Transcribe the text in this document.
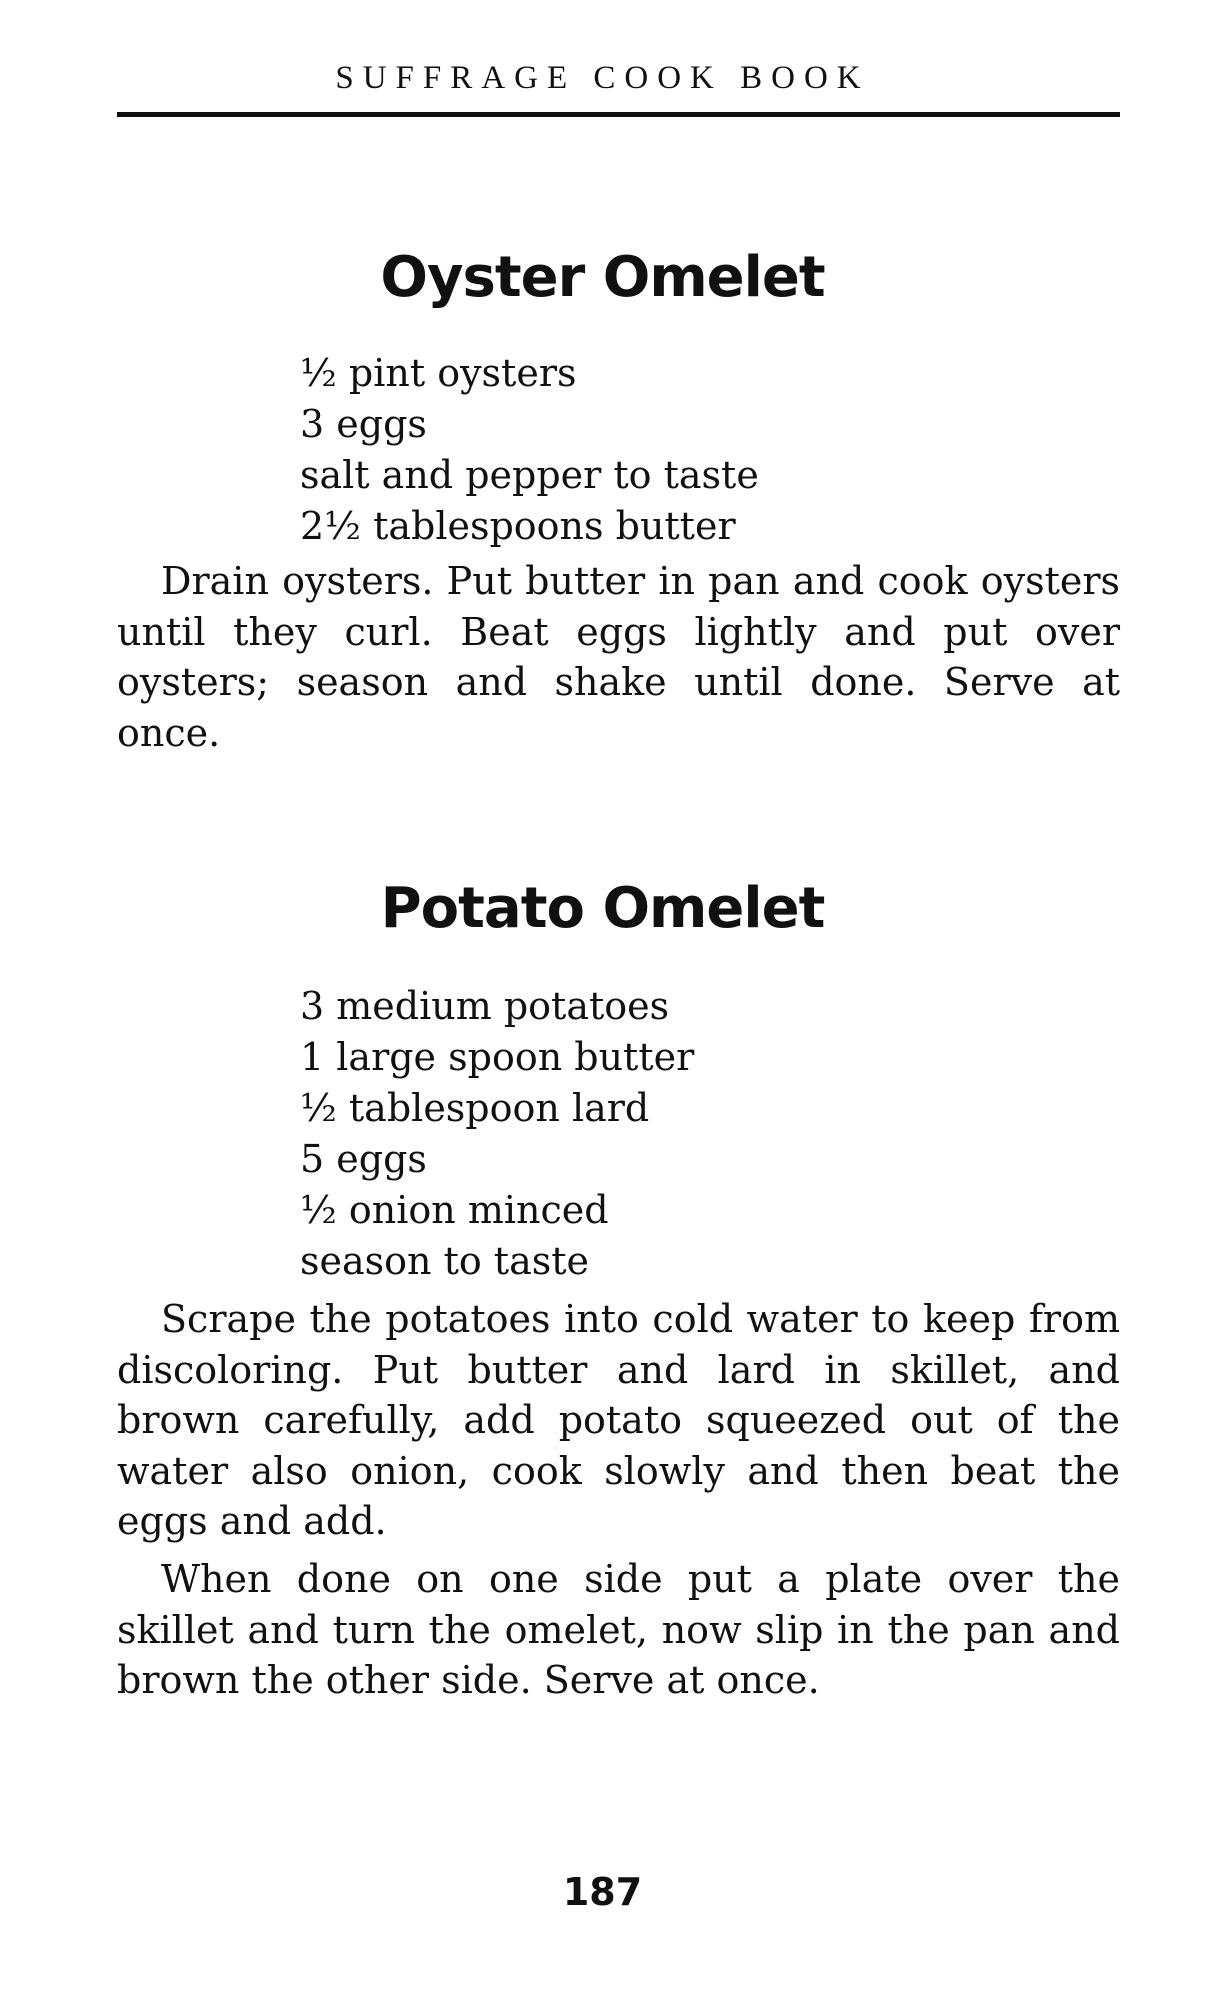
SUFFRAGE COOK BOOK
Oyster Omelet
½ pint oysters
3 eggs
salt and pepper to taste
2½ tablespoons butter

Drain oysters. Put butter in pan and cook oysters until they curl. Beat eggs lightly and put over oysters; season and shake until done. Serve at once.

Potato Omelet
3 medium potatoes
1 large spoon butter
½ tablespoon lard
5 eggs
½ onion minced
season to taste

Scrape the potatoes into cold water to keep from discoloring. Put butter and lard in skillet, and brown carefully, add potato squeezed out of the water also onion, cook slowly and then beat the eggs and add.

When done on one side put a plate over the skillet and turn the omelet, now slip in the pan and brown the other side. Serve at once.

187
